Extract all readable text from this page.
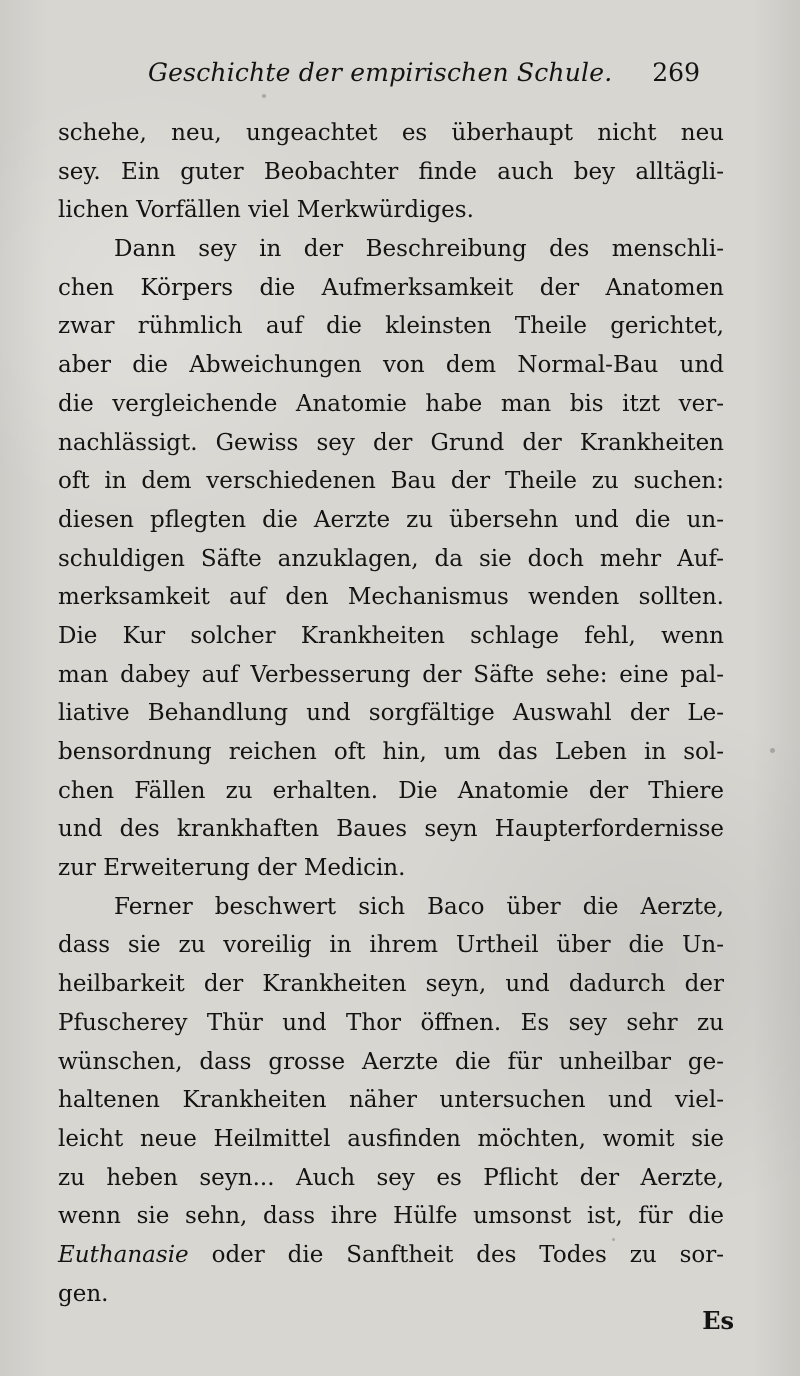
Geschichte der empirischen Schule. 269
schehe, neu, ungeachtet es überhaupt nicht neu
sey. Ein guter Beobachter finde auch bey alltägli-
lichen Vorfällen viel Merkwürdiges.
Dann sey in der Beschreibung des menschli-
chen Körpers die Aufmerksamkeit der Anatomen
zwar rühmlich auf die kleinsten Theile gerichtet,
aber die Abweichungen von dem Normal-Bau und
die vergleichende Anatomie habe man bis itzt ver-
nachlässigt. Gewiss sey der Grund der Krankheiten
oft in dem verschiedenen Bau der Theile zu suchen:
diesen pflegten die Aerzte zu übersehn und die un-
schuldigen Säfte anzuklagen, da sie doch mehr Auf-
merksamkeit auf den Mechanismus wenden sollten.
Die Kur solcher Krankheiten schlage fehl, wenn
man dabey auf Verbesserung der Säfte sehe: eine pal-
liative Behandlung und sorgfältige Auswahl der Le-
bensordnung reichen oft hin, um das Leben in sol-
chen Fällen zu erhalten. Die Anatomie der Thiere
und des krankhaften Baues seyn Haupterfordernisse
zur Erweiterung der Medicin.
Ferner beschwert sich Baco über die Aerzte,
dass sie zu voreilig in ihrem Urtheil über die Un-
heilbarkeit der Krankheiten seyn, und dadurch der
Pfuscherey Thür und Thor öffnen. Es sey sehr zu
wünschen, dass grosse Aerzte die für unheilbar ge-
haltenen Krankheiten näher untersuchen und viel-
leicht neue Heilmittel ausfinden möchten, womit sie
zu heben seyn... Auch sey es Pflicht der Aerzte,
wenn sie sehn, dass ihre Hülfe umsonst ist, für die
Euthanasie oder die Sanftheit des Todes zu sor-
gen.
Es
